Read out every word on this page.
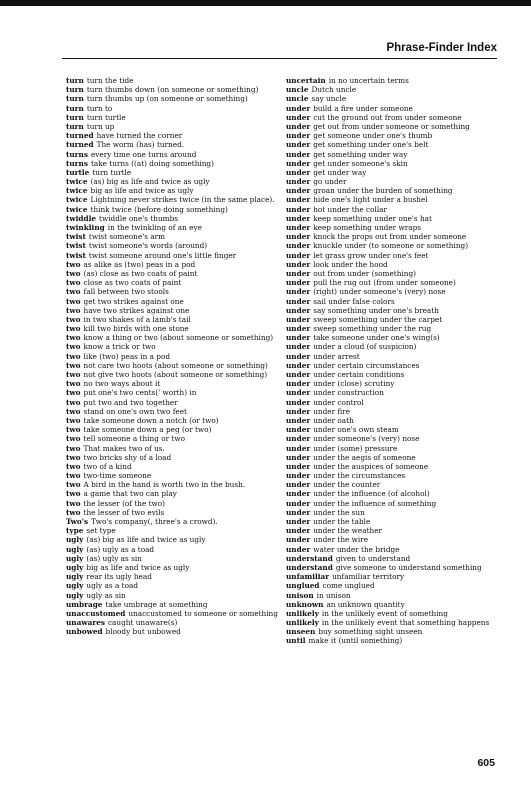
Phrase-Finder Index
turn turn the tide
turn turn thumbs down (on someone or something)
turn turn thumbs up (on someone or something)
turn turn to
turn turn turtle
turn turn up
turned have turned the corner
turned The worm (has) turned.
turns every time one turns around
turns take turns ((at) doing something)
turtle turn turtle
twice (as) big as life and twice as ugly
twice big as life and twice as ugly
twice Lightning never strikes twice (in the same place).
twice think twice (before doing something)
twiddle twiddle one's thumbs
twinkling in the twinkling of an eye
twist twist someone's arm
twist twist someone's words (around)
twist twist someone around one's little finger
two as alike as (two) peas in a pod
two (as) close as two coats of paint
two close as two coats of paint
two fall between two stools
two get two strikes against one
two have two strikes against one
two in two shakes of a lamb's tail
two kill two birds with one stone
two know a thing or two (about someone or something)
two know a trick or two
two like (two) peas in a pod
two not care two hoots (about someone or something)
two not give two hoots (about someone or something)
two no two ways about it
two put one's two cents(' worth) in
two put two and two together
two stand on one's own two feet
two take someone down a notch (or two)
two take someone down a peg (or two)
two tell someone a thing or two
two That makes two of us.
two two bricks shy of a load
two two of a kind
two two-time someone
two A bird in the hand is worth two in the bush.
two a game that two can play
two the lesser (of the two)
two the lesser of two evils
Two's Two's company(, three's a crowd).
type set type
ugly (as) big as life and twice as ugly
ugly (as) ugly as a toad
ugly (as) ugly as sin
ugly big as life and twice as ugly
ugly rear its ugly head
ugly ugly as a toad
ugly ugly as sin
umbrage take umbrage at something
unaccustomed unaccustomed to someone or something
unawares caught unaware(s)
unbowed bloody but unbowed
uncertain in no uncertain terms
uncle Dutch uncle
uncle say uncle
under build a fire under someone
under cut the ground out from under someone
under get out from under someone or something
under get someone under one's thumb
under get something under one's belt
under get something under way
under get under someone's skin
under get under way
under go under
under groan under the burden of something
under hide one's light under a bushel
under hot under the collar
under keep something under one's hat
under keep something under wraps
under knock the props out from under someone
under knuckle under (to someone or something)
under let grass grow under one's feet
under look under the hood
under out from under (something)
under pull the rug out (from under someone)
under (right) under someone's (very) nose
under sail under false colors
under say something under one's breath
under sweep something under the carpet
under sweep something under the rug
under take someone under one's wing(s)
under under a cloud (of suspicion)
under under arrest
under under certain circumstances
under under certain conditions
under under (close) scrutiny
under under construction
under under control
under under fire
under under oath
under under one's own steam
under under someone's (very) nose
under under (some) pressure
under under the aegis of someone
under under the auspices of someone
under under the circumstances
under under the counter
under under the influence (of alcohol)
under under the influence of something
under under the sun
under under the table
under under the weather
under under the wire
under water under the bridge
understand given to understand
understand give someone to understand something
unfamiliar unfamiliar territory
unglued come unglued
unison in unison
unknown an unknown quantity
unlikely in the unlikely event of something
unlikely in the unlikely event that something happens
unseen buy something sight unseen
until make it (until something)
605
